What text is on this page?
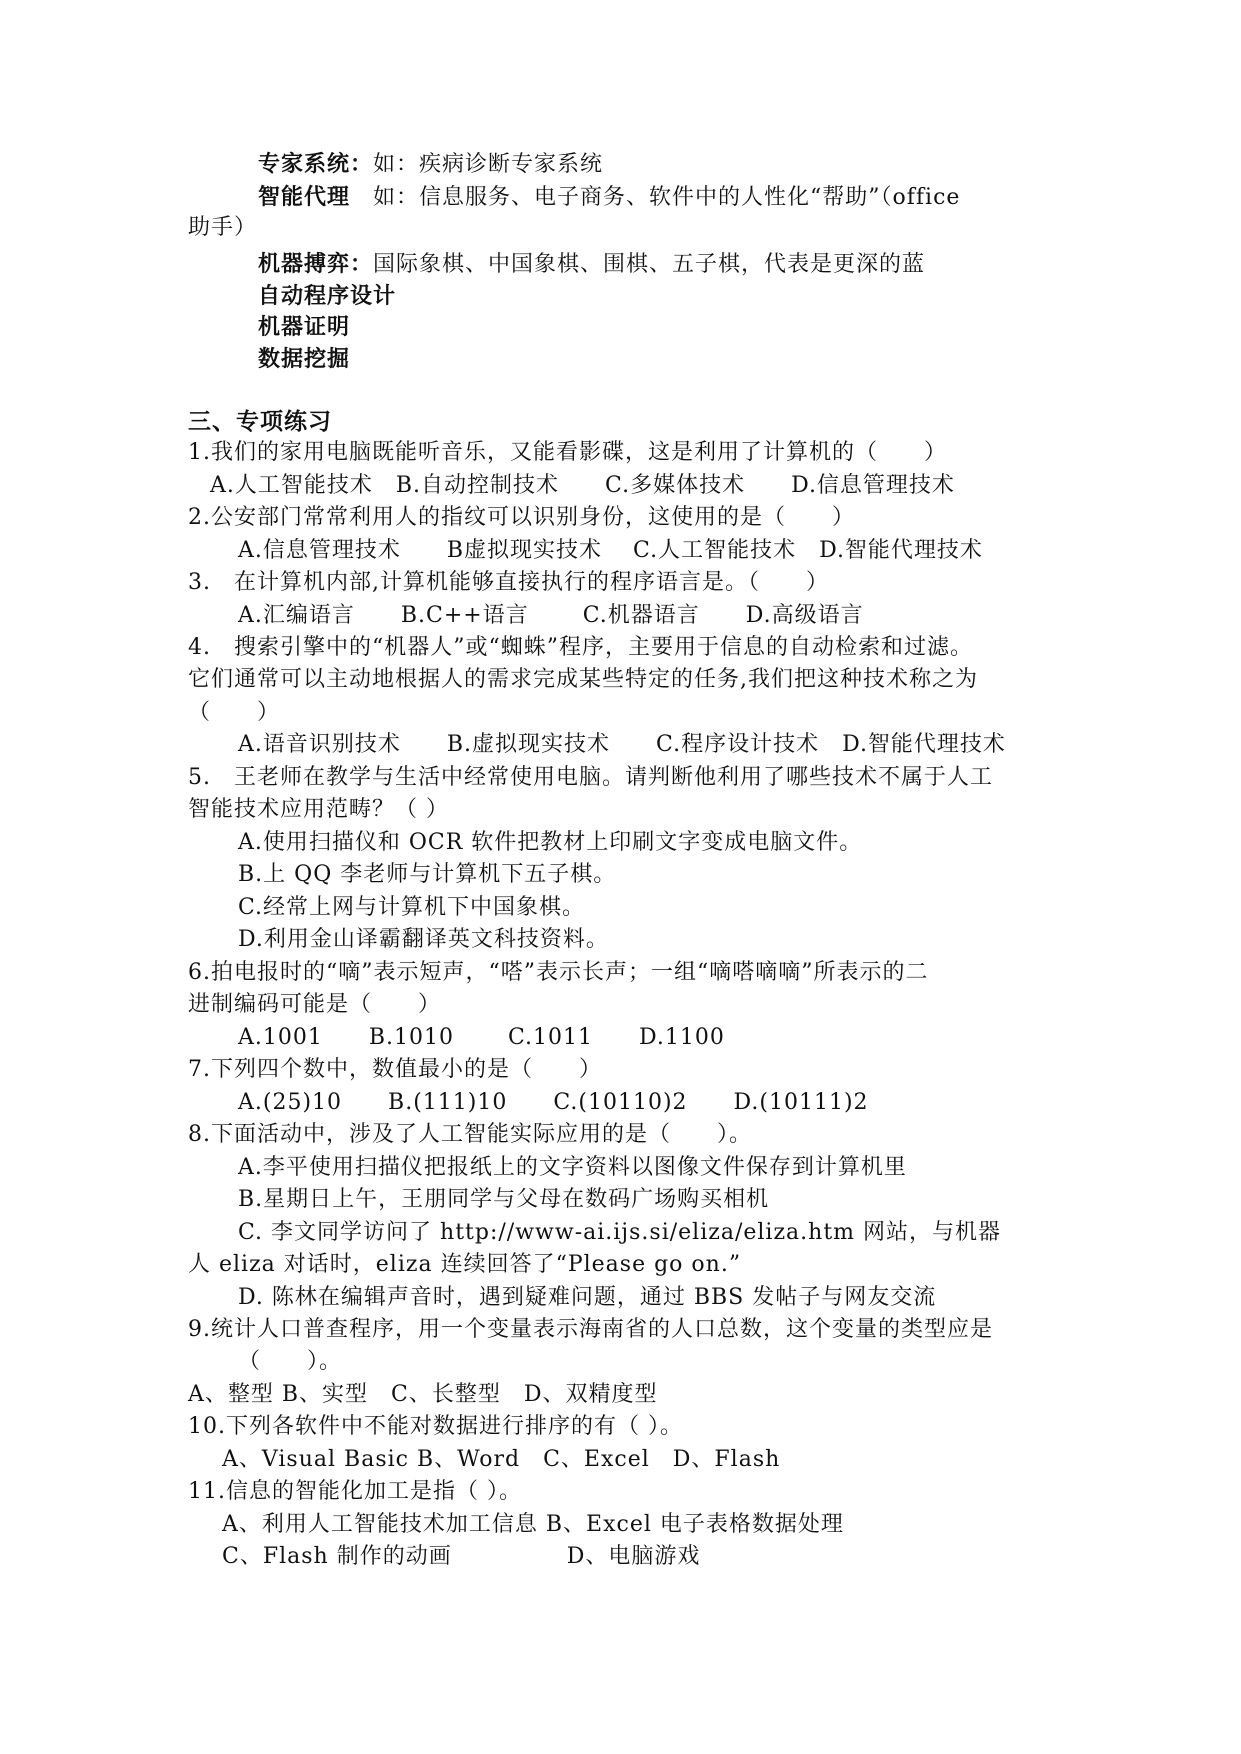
专家系统：如：疾病诊断专家系统
智能代理　如：信息服务、电子商务、软件中的人性化“帮助”（office
助手）
机器搏弈：国际象棋、中国象棋、围棋、五子棋，代表是更深的蓝
自动程序设计
机器证明
数据挖掘
三、专项练习
1.我们的家用电脑既能听音乐，又能看影碟，这是利用了计算机的（　　）
A.人工智能技术　B.自动控制技术　　C.多媒体技术　　D.信息管理技术
2.公安部门常常利用人的指纹可以识别身份，这使用的是（　　）
A.信息管理技术　　B虚拟现实技术　 C.人工智能技术　D.智能代理技术
3.　在计算机内部,计算机能够直接执行的程序语言是。（　　）
A.汇编语言　　B.C++语言　　 C.机器语言　　D.高级语言
4.　搜索引擎中的“机器人”或“蜘蛛”程序，主要用于信息的自动检索和过滤。
它们通常可以主动地根据人的需求完成某些特定的任务,我们把这种技术称之为
（　　）
A.语音识别技术　　B.虚拟现实技术　　C.程序设计技术　D.智能代理技术
5.　王老师在教学与生活中经常使用电脑。请判断他利用了哪些技术不属于人工
智能技术应用范畴？（ ）
A.使用扫描仪和 OCR 软件把教材上印刷文字变成电脑文件。
B.上 QQ 李老师与计算机下五子棋。
C.经常上网与计算机下中国象棋。
D.利用金山译霸翻译英文科技资料。
6.拍电报时的“嘀”表示短声，“嗒”表示长声；一组“嘀嗒嘀嘀”所表示的二
进制编码可能是（　　）
A.1001　　B.1010　　 C.1011　　D.1100
7.下列四个数中，数值最小的是（　　）
A.(25)10　　B.(111)10　　C.(10110)2　　D.(10111)2
8.下面活动中，涉及了人工智能实际应用的是（　　）。
A.李平使用扫描仪把报纸上的文字资料以图像文件保存到计算机里
B.星期日上午，王朋同学与父母在数码广场购买相机
C. 李文同学访问了 http://www-ai.ijs.si/eliza/eliza.htm 网站，与机器
人 eliza 对话时，eliza 连续回答了“Please go on.”
D. 陈林在编辑声音时，遇到疑难问题，通过 BBS 发帖子与网友交流
9.统计人口普查程序，用一个变量表示海南省的人口总数，这个变量的类型应是
（　　）。
A、整型 B、实型　C、长整型　D、双精度型
10.下列各软件中不能对数据进行排序的有（ ）。
A、Visual Basic B、Word　C、Excel　D、Flash
11.信息的智能化加工是指（ ）。
A、利用人工智能技术加工信息 B、Excel 电子表格数据处理
C、Flash 制作的动画　　　　　D、电脑游戏
